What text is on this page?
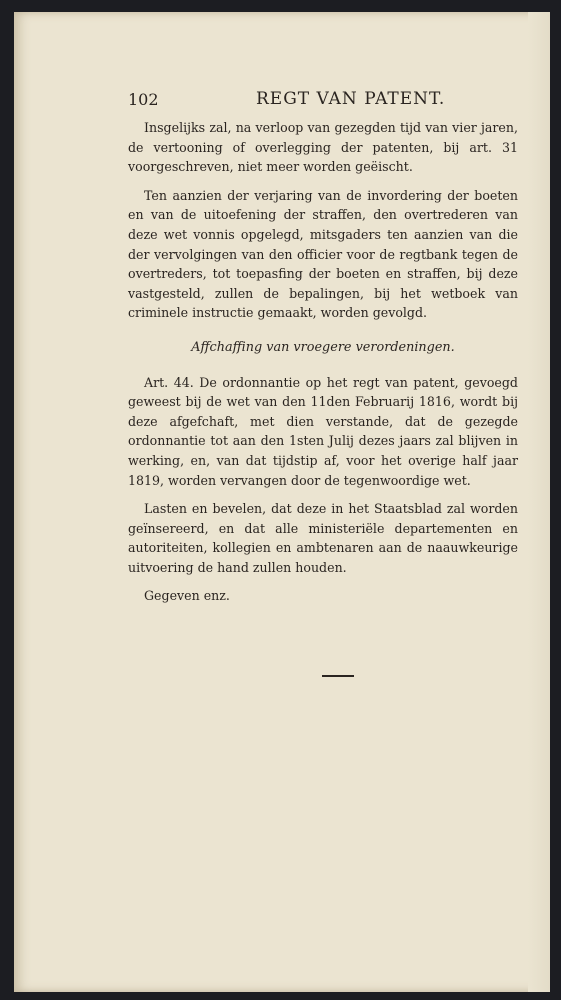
102	REGT VAN PATENT.

Insgelijks zal, na verloop van gezegden tijd van vier jaren, de vertooning of overlegging der patenten, bij art. 31 voorgeschreven, niet meer worden geëischt.

Ten aanzien der verjaring van de invordering der boeten en van de uitoefening der straffen, den overtrederen van deze wet vonnis opgelegd, mitsgaders ten aanzien van die der vervolgingen van den officier voor de regtbank tegen de overtreders, tot toepasfing der boeten en straffen, bij deze vastgesteld, zullen de bepalingen, bij het wetboek van criminele instructie gemaakt, worden gevolgd.

Affchaffing van vroegere verordeningen.

Art. 44. De ordonnantie op het regt van patent, gevoegd geweest bij de wet van den 11den Februarij 1816, wordt bij deze afgefchaft, met dien verstande, dat de gezegde ordonnantie tot aan den 1sten Julij dezes jaars zal blijven in werking, en, van dat tijdstip af, voor het overige half jaar 1819, worden vervangen door de tegenwoordige wet.

Lasten en bevelen, dat deze in het Staatsblad zal worden geïnsereerd, en dat alle ministeriële departementen en autoriteiten, kollegien en ambtenaren aan de naauwkeurige uitvoering de hand zullen houden.

Gegeven enz.
